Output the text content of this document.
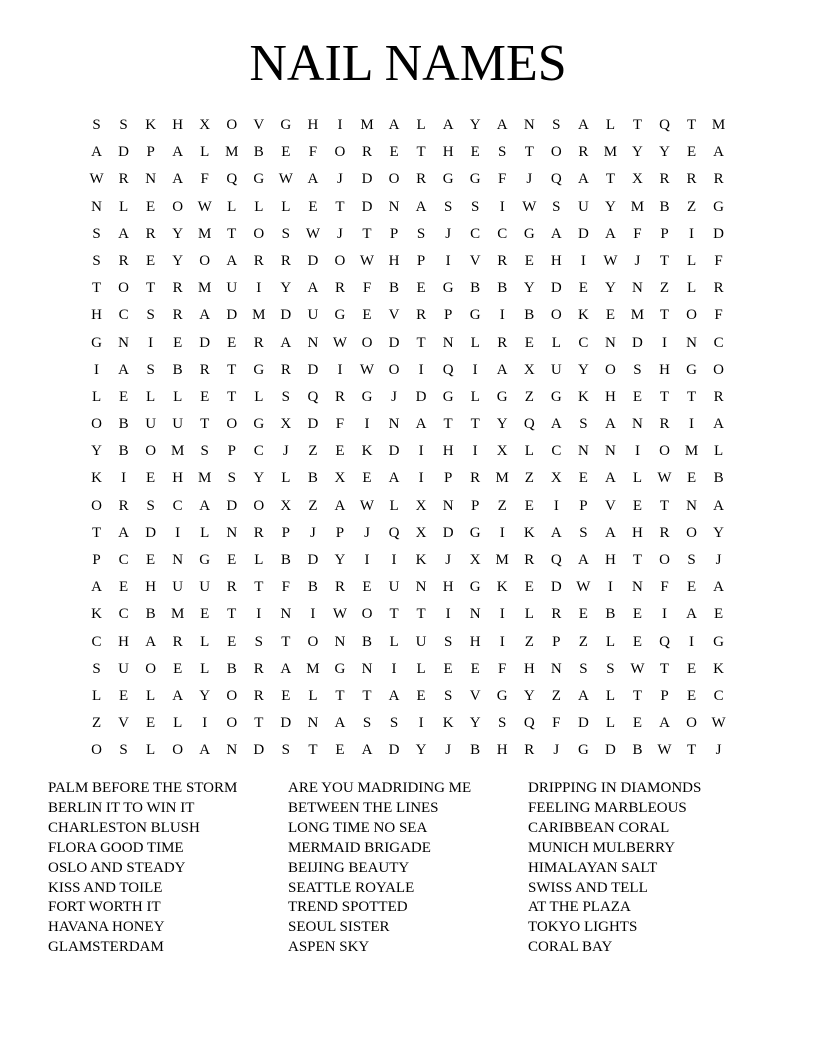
NAIL NAMES
S	S	K	H	X	O	V	G	H	I	M A	L	A	Y	A	N	S	A	L	T	Q	T	M
A	D	P	A	L	M	B	E	F	O	R	E	T	H	E	S	T	O	R	M Y	Y	E	A
W R	N	A	F	Q	G W A	J	D	O	R	G	G	F	J	Q	A	T	X	R	R	R
N	L	E	O W	L	L	L	E	T	D	N	A	S	S	I	W	S	U	Y M	B	Z	G
S	A	R	Y M	T	O	S	W	J	T	P	S	J	C	C	G	A	D	A	F	P	I	D
S	R	E	Y	O	A	R	R	D	O W H	P	I	V	R	E	H	I	W	J	T	L	F
T	O	T	R	M U	I	Y	A	R	F	B	E	G	B	B	Y	D	E	Y	N	Z	L	R
H	C	S	R	A	D M D	U	G	E	V	R	P	G	I	B	O	K	E	M	T	O	F
G	N	I	E	D	E	R	A	N W O	D	T	N	L	R	E	L	C	N	D	I	N	C
I	A	S	B	R	T	G	R	D	I	W O	I	Q	I	A	X	U	Y	O	S	H	G	O
L	E	L	L	E	T	L	S	Q	R	G	J	D	G	L	G	Z	G	K	H	E	T	T	R
O	B	U	U	T	O	G	X	D	F	I	N	A	T	T	Y	Q	A	S	A	N	R	I	A
Y	B	O M	S	P	C	J	Z	E	K	D	I	H	I	X	L	C	N	N	I	O M	L
K	I	E	H M	S	Y	L	B	X	E	A	I	P	R	M	Z	X	E	A	L	W	E	B
O	R	S	C	A	D	O	X	Z	A W	L	X	N	P	Z	E	I	P	V	E	T	N	A
T	A	D	I	L	N	R	P	J	P	J	Q	X	D	G	I	K	A	S	A	H	R	O	Y
P	C	E	N	G	E	L	B	D	Y	I	I	K	J	X M	R	Q	A	H	T	O	S	J
A	E	H	U	U	R	T	F	B	R	E	U	N	H	G	K	E	D W	I	N	F	E	A
K	C	B	M	E	T	I	N	I	W O	T	T	I	N	I	L	R	E	B	E	I	A	E
C	H	A	R	L	E	S	T	O	N	B	L	U	S	H	I	Z	P	Z	L	E	Q	I	G
S	U	O	E	L	B	R	A M G	N	I	L	E	E	F	H	N	S	S	W	T	E	K
L	E	L	A	Y	O	R	E	L	T	T	A	E	S	V	G	Y	Z	A	L	T	P	E	C
Z	V	E	L	I	O	T	D	N	A	S	S	I	K	Y	S	Q	F	D	L	E	A	O W
O	S	L	O	A	N	D	S	T	E	A	D	Y	J	B	H	R	J	G	D	B W	T	J
PALM BEFORE THE STORM
BERLIN IT TO WIN IT
CHARLESTON BLUSH
FLORA GOOD TIME
OSLO AND STEADY
KISS AND TOILE
FORT WORTH IT
HAVANA HONEY
GLAMSTERDAM
ARE YOU MADRIDING ME
BETWEEN THE LINES
LONG TIME NO SEA
MERMAID BRIGADE
BEIJING BEAUTY
SEATTLE ROYALE
TREND SPOTTED
SEOUL SISTER
ASPEN SKY
DRIPPING IN DIAMONDS
FEELING MARBLEOUS
CARIBBEAN CORAL
MUNICH MULBERRY
HIMALAYAN SALT
SWISS AND TELL
AT THE PLAZA
TOKYO LIGHTS
CORAL BAY
